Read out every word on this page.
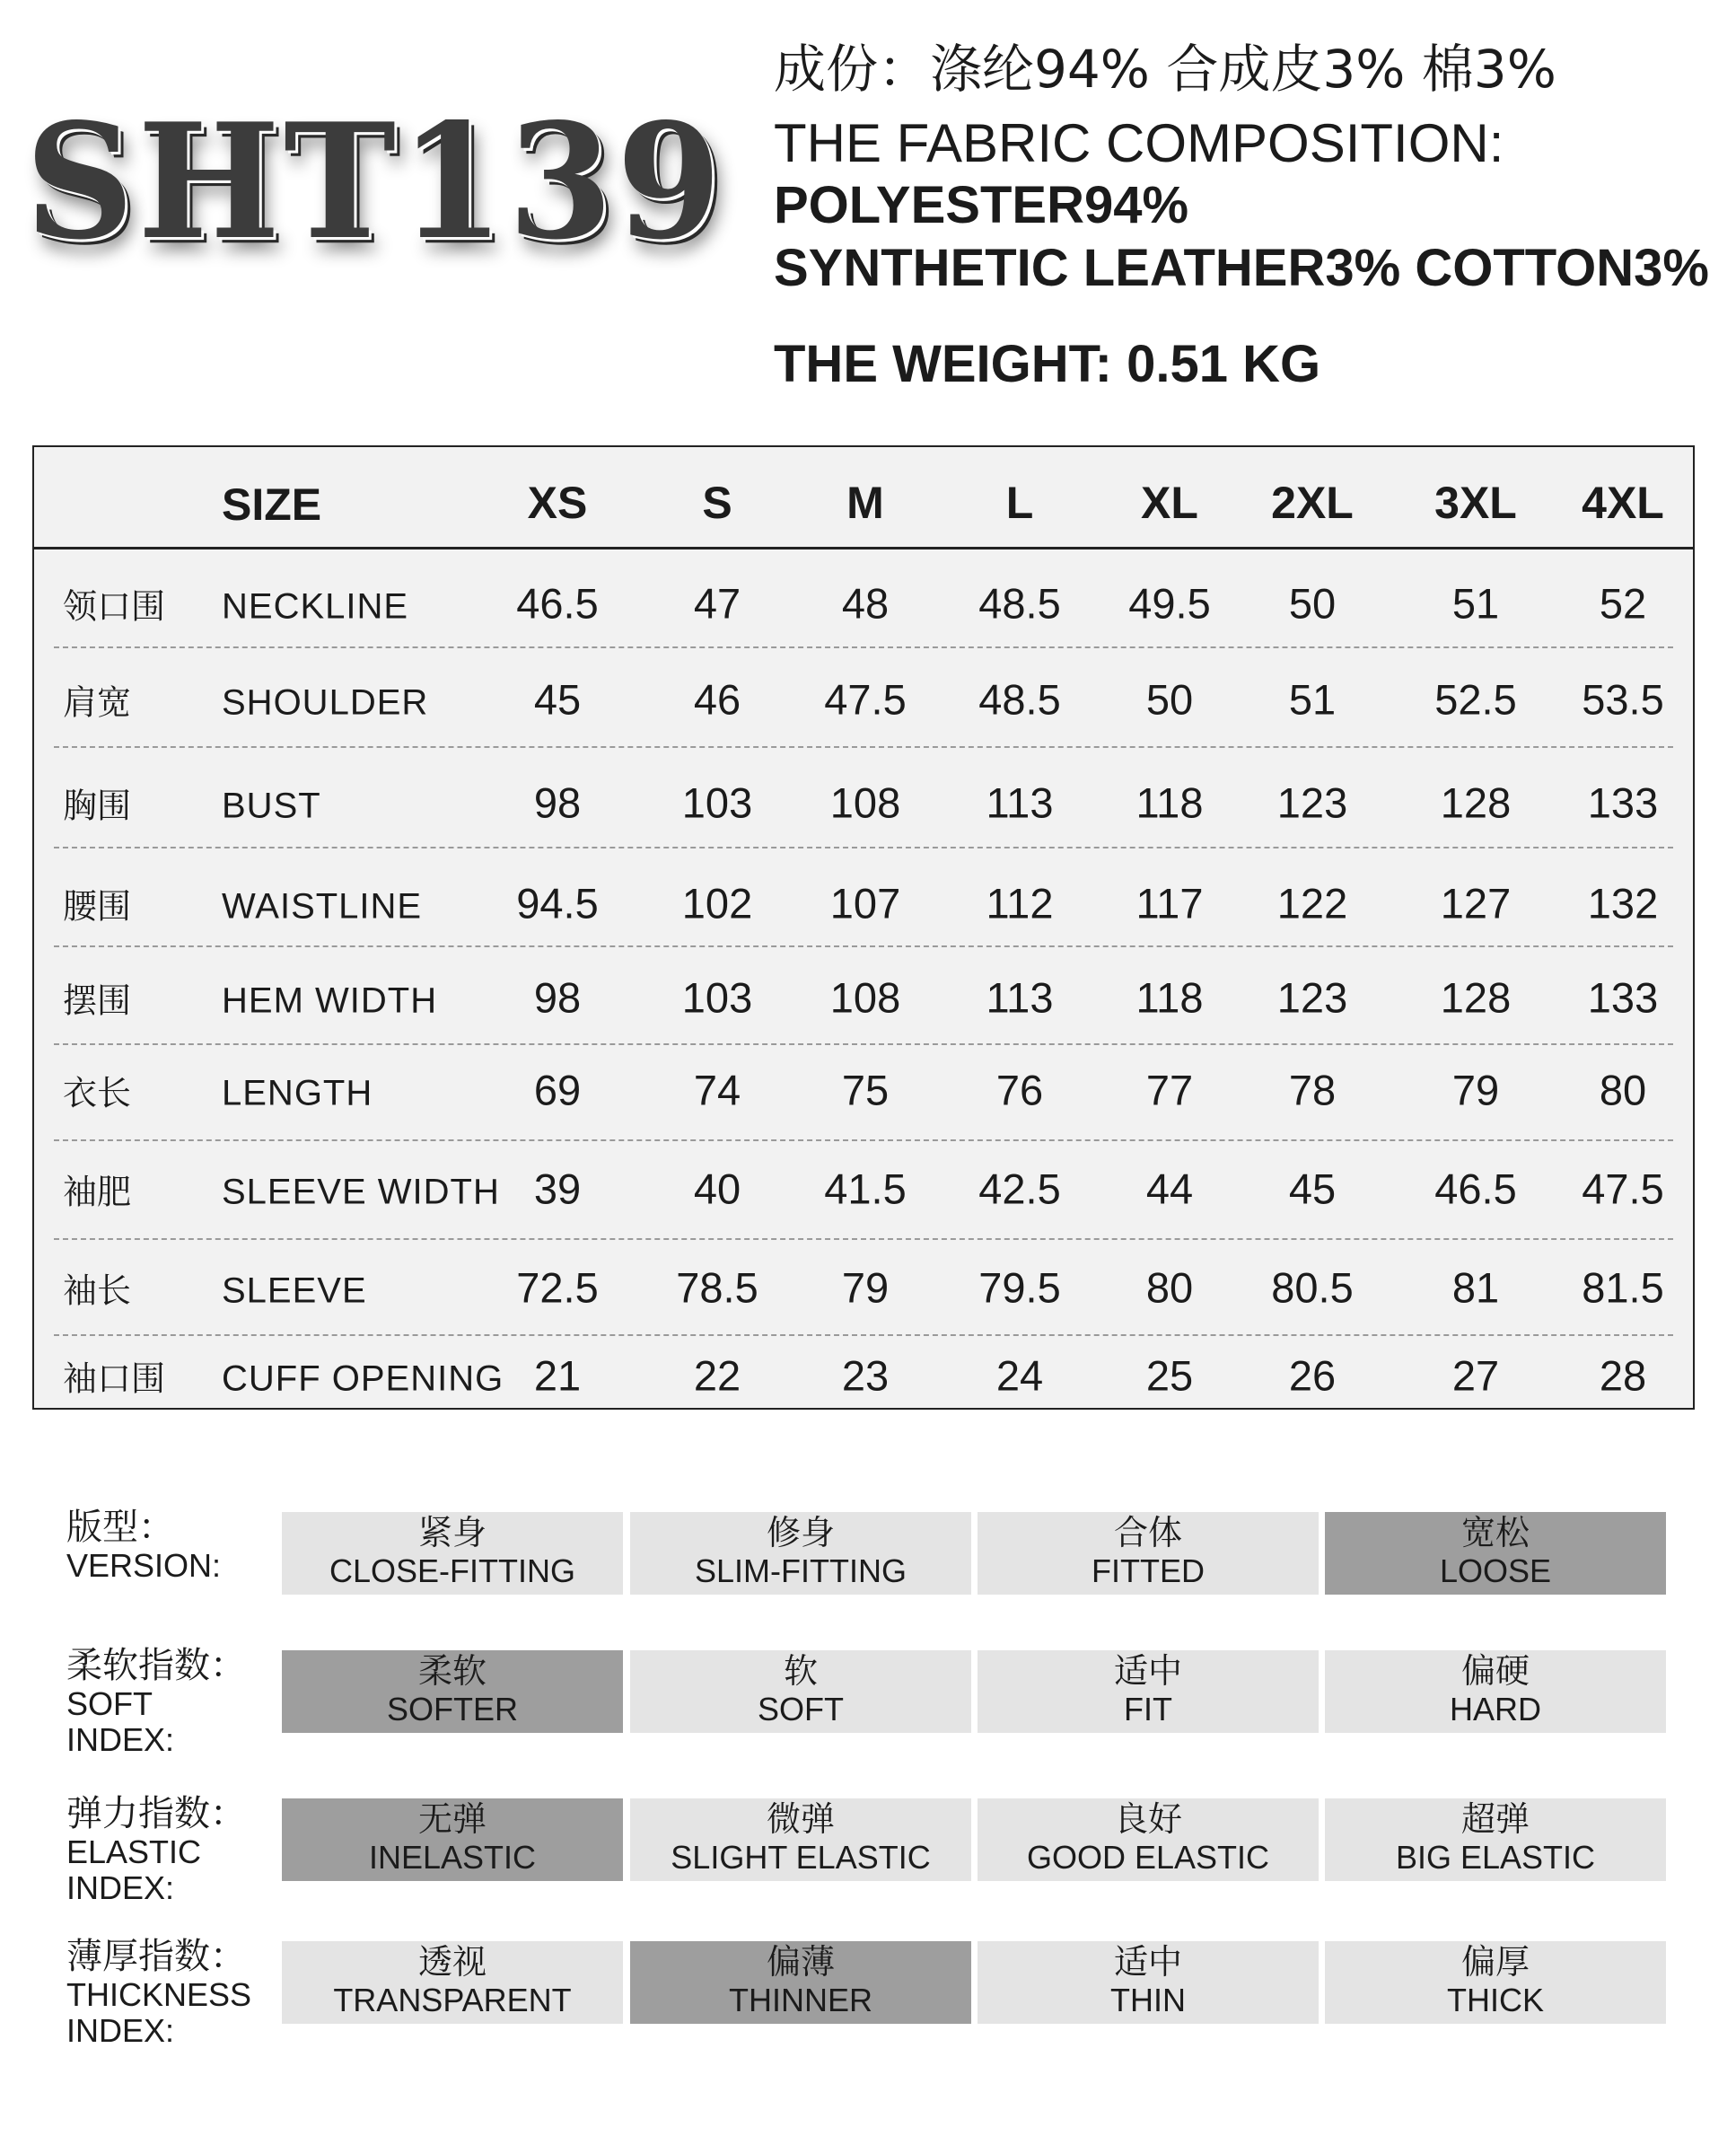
SHT139
成份：涤纶94% 合成皮3% 棉3%
THE FABRIC COMPOSITION:
POLYESTER94%
SYNTHETIC LEATHER3% COTTON3%
THE WEIGHT: 0.51 KG
SIZE	XS	S	M	L XL 2XL 3XL 4XL
领口围 NECKLINE	46.5 47 48 48.5 49.5 50	51 52
肩宽	SHOULDER	45	46 47.5 48.5 50 51 52.5 53.5
胸围	BUST	98 103 108 113 118 123 128 133
腰围	WAISTLINE 94.5 102 107 112 117 122 127 132
摆围	HEM WIDTH 98 103 108 113 118 123 128 133
衣长	LENGTH	69	74 75	76 77 78	79 80
袖肥	SLEEVE WIDTH 39	40 41.5 42.5 44 45 46.5 47.5
袖长	SLEEVE	72.5 78.5 79 79.5 80 80.5 81 81.5
袖口围 CUFF OPENING 21	22 23	24 25 26	27 28
版型：
VERSION:
紧身
CLOSE-FITTING
修身
SLIM-FITTING
合体
FITTED
宽松
LOOSE
柔软指数：
SOFT
INDEX:
柔软
SOFTER
软
SOFT
适中
FIT
偏硬
HARD
弹力指数：
ELASTIC
INDEX:
无弹
INELASTIC
微弹
SLIGHT ELASTIC
良好
GOOD ELASTIC
超弹
BIG ELASTIC
薄厚指数：
THICKNESS
INDEX:
透视
TRANSPARENT
偏薄
THINNER
适中
THIN
偏厚
THICK
